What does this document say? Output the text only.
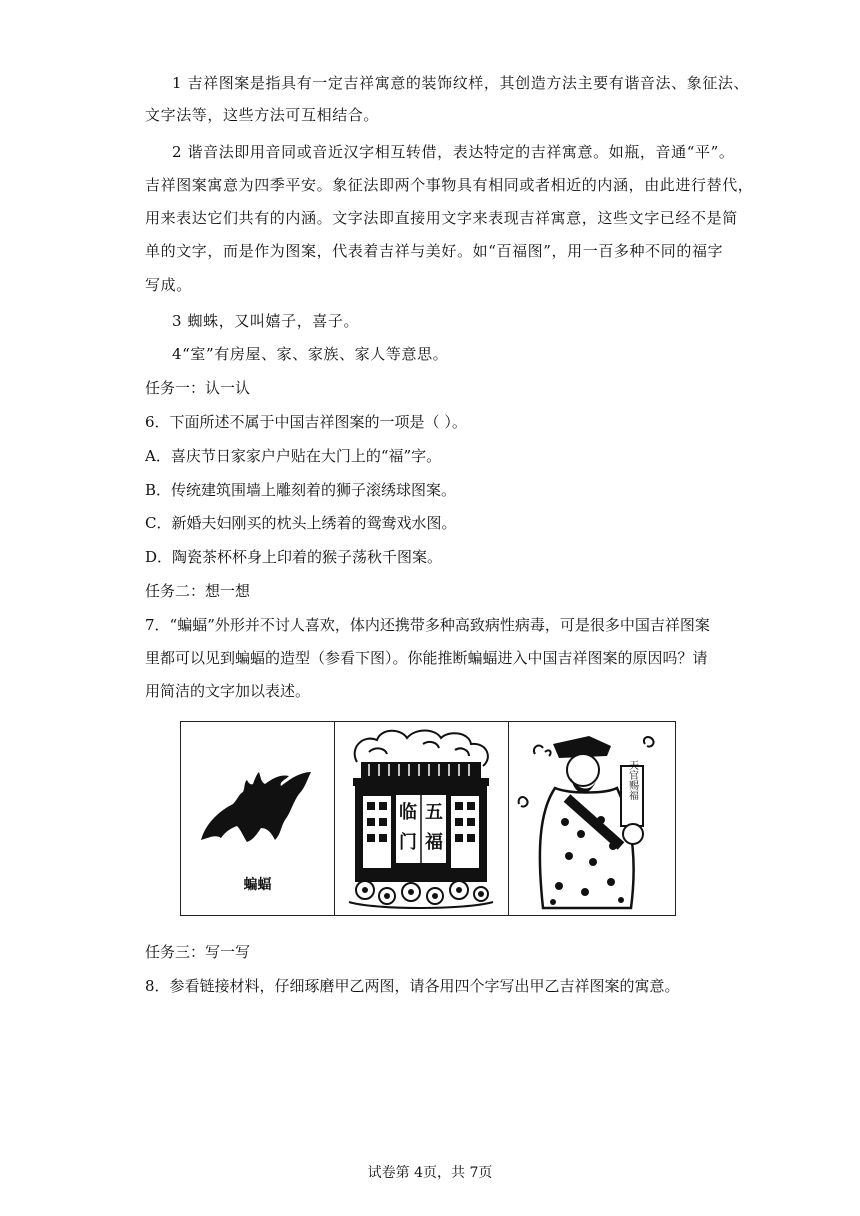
1 吉祥图案是指具有一定吉祥寓意的装饰纹样，其创造方法主要有谐音法、象征法、
文字法等，这些方法可互相结合。
2 谐音法即用音同或音近汉字相互转借，表达特定的吉祥寓意。如瓶，音通“平”。
吉祥图案寓意为四季平安。象征法即两个事物具有相同或者相近的内涵，由此进行替代，
用来表达它们共有的内涵。文字法即直接用文字来表现吉祥寓意，这些文字已经不是简
单的文字，而是作为图案，代表着吉祥与美好。如“百福图”，用一百多种不同的福字
写成。
3 蜘蛛，又叫嬉子，喜子。
4“室”有房屋、家、家族、家人等意思。
任务一：认一认
6．下面所述不属于中国吉祥图案的一项是（ ）。
A．喜庆节日家家户户贴在大门上的“福”字。
B．传统建筑围墙上雕刻着的狮子滚绣球图案。
C．新婚夫妇刚买的枕头上绣着的鸳鸯戏水图。
D．陶瓷茶杯杯身上印着的猴子荡秋千图案。
任务二：想一想
7．“蝙蝠”外形并不讨人喜欢，体内还携带多种高致病性病毒，可是很多中国吉祥图案
里都可以见到蝙蝠的造型（参看下图）。你能推断蝙蝠进入中国吉祥图案的原因吗？请
用简洁的文字加以表述。
蝙蝠
临 五
门 福
天官赐福
任务三：写一写
8．参看链接材料，仔细琢磨甲乙两图，请各用四个字写出甲乙吉祥图案的寓意。
试卷第 4页，共 7页
